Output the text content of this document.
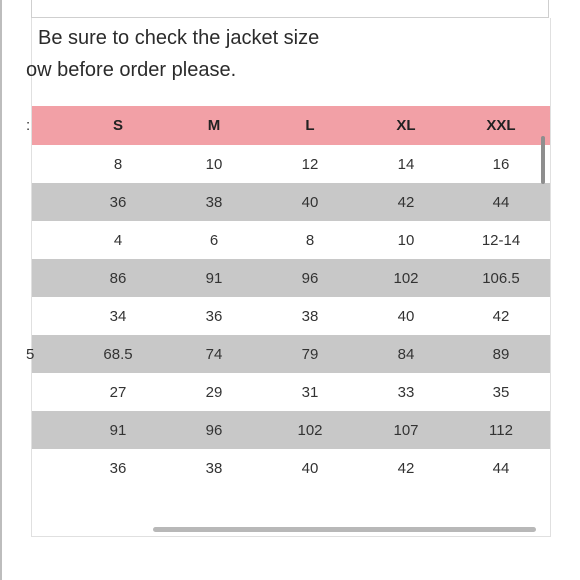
Be sure to check the jacket size
ow before order please.
:	S	M	L	XL	XXL
8	10	12	14	16
36	38	40	42	44
4	6	8	10	12-14
86	91	96	102	106.5
34	36	38	40	42
5	68.5	74	79	84	89
27	29	31	33	35
91	96	102	107	112
36	38	40	42	44
